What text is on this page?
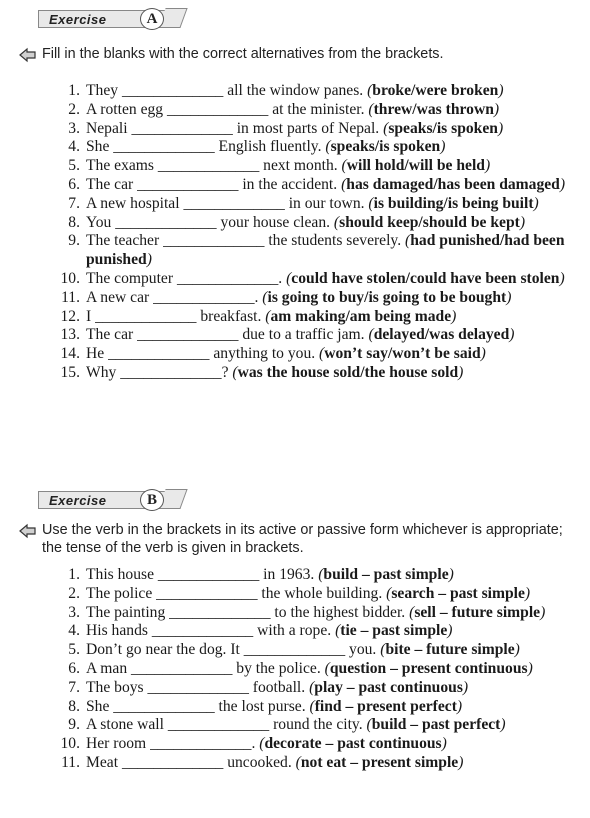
Exercise	A
Fill in the blanks with the correct alternatives from the brackets.
1. They _____________ all the window panes. (broke/were broken)
2. A rotten egg _____________ at the minister. (threw/was thrown)
3. Nepali _____________ in most parts of Nepal. (speaks/is spoken)
4. She _____________ English fluently. (speaks/is spoken)
5. The exams _____________ next month. (will hold/will be held)
6. The car _____________ in the accident. (has damaged/has been damaged)
7. A new hospital _____________ in our town. (is building/is being built)
8. You _____________ your house clean. (should keep/should be kept)
9. The teacher _____________ the students severely. (had punished/had been punished)
10. The computer _____________. (could have stolen/could have been stolen)
11. A new car _____________. (is going to buy/is going to be bought)
12. I _____________ breakfast. (am making/am being made)
13. The car _____________ due to a traffic jam. (delayed/was delayed)
14. He _____________ anything to you. (won’t say/won’t be said)
15. Why _____________? (was the house sold/the house sold)
Exercise	B
Use the verb in the brackets in its active or passive form whichever is appropriate; the tense of the verb is given in brackets.
1. This house _____________ in 1963. (build – past simple)
2. The police _____________ the whole building. (search – past simple)
3. The painting _____________ to the highest bidder. (sell – future simple)
4. His hands _____________ with a rope. (tie – past simple)
5. Don’t go near the dog. It _____________ you. (bite – future simple)
6. A man _____________ by the police. (question – present continuous)
7. The boys _____________ football. (play – past continuous)
8. She _____________ the lost purse. (find – present perfect)
9. A stone wall _____________ round the city. (build – past perfect)
10. Her room _____________. (decorate – past continuous)
11. Meat _____________ uncooked. (not eat – present simple)
